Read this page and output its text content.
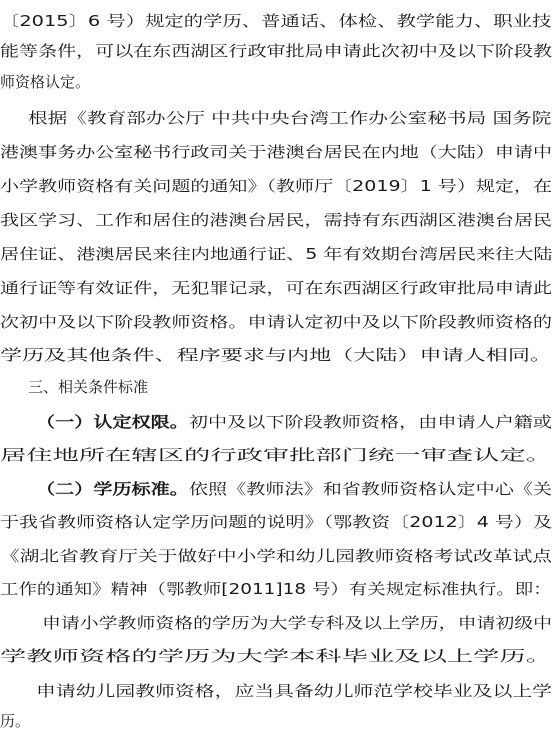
〔2015〕6 号）规定的学历、普通话、体检、教学能力、职业技
能等条件，可以在东西湖区行政审批局申请此次初中及以下阶段教
师资格认定。
根据《教育部办公厅 中共中央台湾工作办公室秘书局 国务院
港澳事务办公室秘书行政司关于港澳台居民在内地（大陆）申请中
小学教师资格有关问题的通知》（教师厅〔2019〕1 号）规定，在
我区学习、工作和居住的港澳台居民，需持有东西湖区港澳台居民
居住证、港澳居民来往内地通行证、5 年有效期台湾居民来往大陆
通行证等有效证件，无犯罪记录，可在东西湖区行政审批局申请此
次初中及以下阶段教师资格。申请认定初中及以下阶段教师资格的
学历及其他条件、程序要求与内地（大陆）申请人相同。
三、相关条件标准
（一）认定权限。初中及以下阶段教师资格，由申请人户籍或
居住地所在辖区的行政审批部门统一审查认定。
（二）学历标准。依照《教师法》和省教师资格认定中心《关
于我省教师资格认定学历问题的说明》（鄂教资〔2012〕4 号）及
《湖北省教育厅关于做好中小学和幼儿园教师资格考试改革试点
工作的通知》精神（鄂教师[2011]18 号）有关规定标准执行。即：
申请小学教师资格的学历为大学专科及以上学历，申请初级中
学教师资格的学历为大学本科毕业及以上学历。
申请幼儿园教师资格，应当具备幼儿师范学校毕业及以上学
历。
